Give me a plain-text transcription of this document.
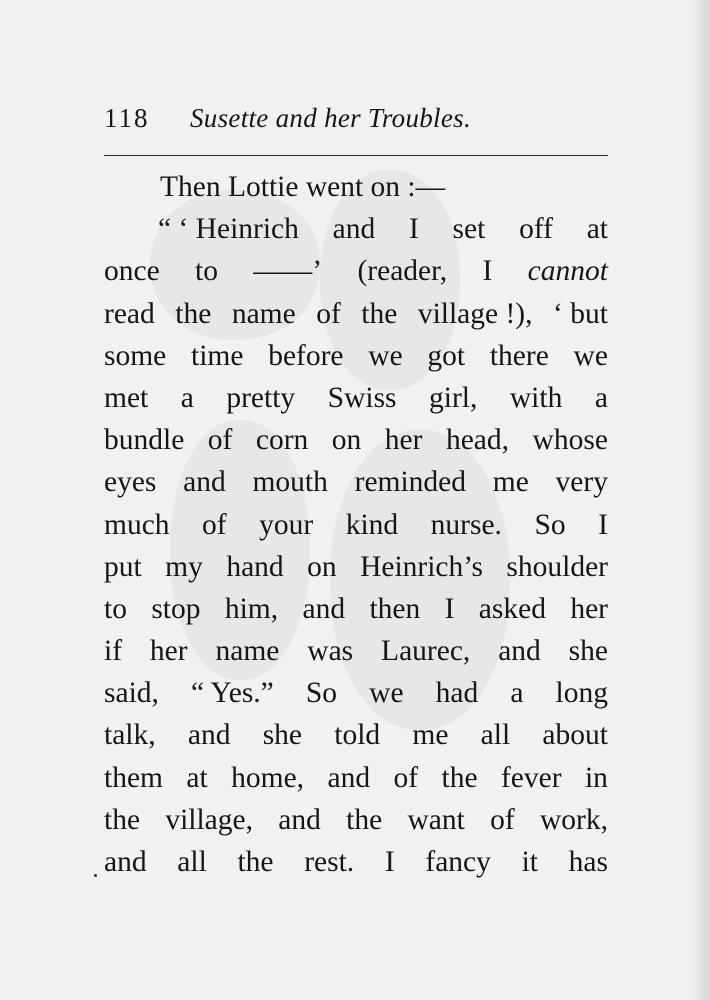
118 Susette and her Troubles.
Then Lottie went on :—
“ ‘ Heinrich and I set off at
once to ——’ (reader, I cannot
read the name of the village !), ‘ but
some time before we got there we
met a pretty Swiss girl, with a
bundle of corn on her head, whose
eyes and mouth reminded me very
much of your kind nurse. So I
put my hand on Heinrich’s shoulder
to stop him, and then I asked her
if her name was Laurec, and she
said, “ Yes.” So we had a long
talk, and she told me all about
them at home, and of the fever in
the village, and the want of work,
and all the rest. I fancy it has
